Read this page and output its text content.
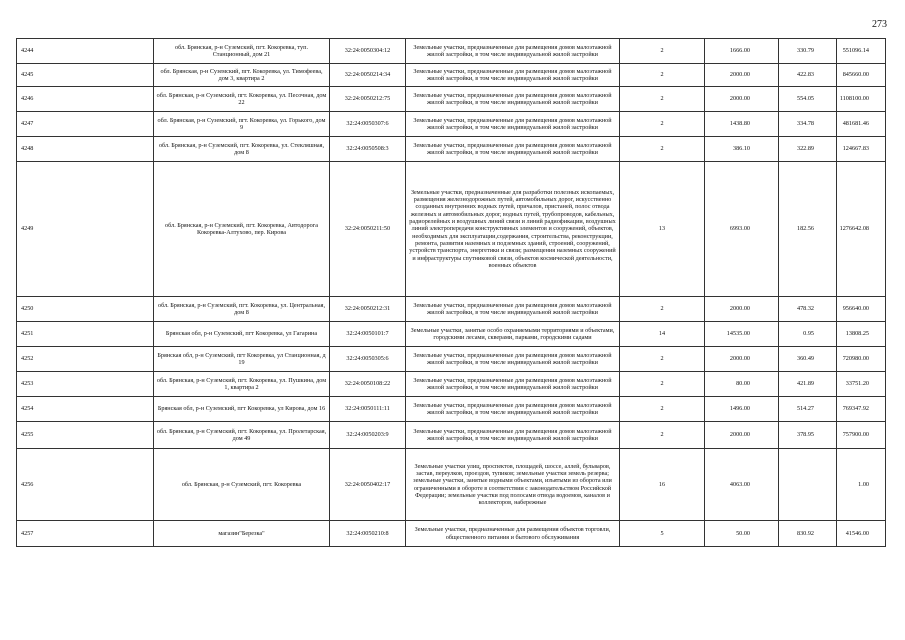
273
4244	обл. Брянская, р-н Суземский, пгт. Кокоревка, туп. Станционный, дом 21	32:24:0050304:12	Земельные участки, предназначенные для размещения домов малоэтажной жилой застройки, в том числе индивидуальной жилой застройки	2	1666.00	330.79	551096.14
4245	обл. Брянская, р-н Суземский, пгт. Кокоревка, ул. Тимофеева, дом 3, квартира 2	32:24:0050214:34	Земельные участки, предназначенные для размещения домов малоэтажной жилой застройки, в том числе индивидуальной жилой застройки	2	2000.00	422.83	845660.00
4246	обл. Брянская, р-н Суземский, пгт. Кокоревка, ул. Песочная, дом 22	32:24:0050212:75	Земельные участки, предназначенные для размещения домов малоэтажной жилой застройки, в том числе индивидуальной жилой застройки	2	2000.00	554.05	1108100.00
4247	обл. Брянская, р-н Суземский, пгт. Кокоревка, ул. Горького, дом 9	32:24:0050307:6	Земельные участки, предназначенные для размещения домов малоэтажной жилой застройки, в том числе индивидуальной жилой застройки	2	1438.80	334.78	481681.46
4248	обл. Брянская, р-н Суземский, пгт. Кокоревка, ул. Стекляшная, дом 8	32:24:0050508:3	Земельные участки, предназначенные для размещения домов малоэтажной жилой застройки, в том числе индивидуальной жилой застройки	2	386.10	322.89	124667.83
4249	обл. Брянская, р-н Суземский, пгт. Кокоревка, Автодорога Кокоревка-Алтухово, пер. Кирова	32:24:0050211:50	Земельные участки, предназначенные для разработки полезных ископаемых, размещения железнодорожных путей, автомобильных дорог, искусственно созданных внутренних водных путей, причалов, пристаней, полос отвода железных и автомобильных дорог, водных путей, трубопроводов, кабельных, радиорелейных и воздушных линий связи и линий радиофикации, воздушных линий электропередачи конструктивных элементов и сооружений, объектов, необходимых для эксплуатации,содержания, строительства, реконструкции, ремонта, развития наземных и подземных зданий, строений, сооружений, устройств транспорта, энергетики и связи; размещения наземных сооружений и инфраструктуры спутниковой связи, объектов космической деятельности, военных объектов	13	6993.00	182.56	1276642.08
4250	обл. Брянская, р-н Суземский, пгт. Кокоревка, ул. Центральная, дом 8	32:24:0050212:31	Земельные участки, предназначенные для размещения домов малоэтажной жилой застройки, в том числе индивидуальной жилой застройки	2	2000.00	478.32	956640.00
4251	Брянская обл, р-н Суземский, пгт Кокоревка, ул Гагарина	32:24:0050101:7	Земельные участки, занятые особо охраняемыми территориями и объектами, городскими лесами, скверами, парками, городскими садами	14	14535.00	0.95	13808.25
4252	Брянская обл, р-н Суземский, пгт Кокоревка, ул Станционная, д 19	32:24:0050305:6	Земельные участки, предназначенные для размещения домов малоэтажной жилой застройки, в том числе индивидуальной жилой застройки	2	2000.00	360.49	720980.00
4253	обл. Брянская, р-н Суземский, пгт. Кокоревка, ул. Пушкина, дом 1, квартира 2	32:24:0050108:22	Земельные участки, предназначенные для размещения домов малоэтажной жилой застройки, в том числе индивидуальной жилой застройки	2	80.00	421.89	33751.20
4254	Брянская обл, р-н Суземский, пгт Кокоревка, ул Кирова, дом 16	32:24:0050111:11	Земельные участки, предназначенные для размещения домов малоэтажной жилой застройки, в том числе индивидуальной жилой застройки	2	1496.00	514.27	769347.92
4255	обл. Брянская, р-н Суземский, пгт. Кокоревка, ул. Пролетарская, дом 49	32:24:0050203:9	Земельные участки, предназначенные для размещения домов малоэтажной жилой застройки, в том числе индивидуальной жилой застройки	2	2000.00	378.95	757900.00
4256	обл. Брянская, р-н Суземский, пгт. Кокоревка	32:24:0050402:17	Земельные участки улиц, проспектов, площадей, шоссе, аллей, бульваров, застав, переулков, проездов, тупиков; земельные участки земель резерва; земельные участки, занятые водными объектами, изъятыми из оборота или ограниченными в обороте в соответствии с законодательством Российской Федерации; земельные участки под полосами отвода водоемов, каналов и коллекторов, набережные	16	4063.00		1.00
4257	магазин"Березка"	32:24:0050210:8	Земельные участки, предназначенные для размещения объектов торговли, общественного питания и бытового обслуживания	5	50.00	830.92	41546.00
